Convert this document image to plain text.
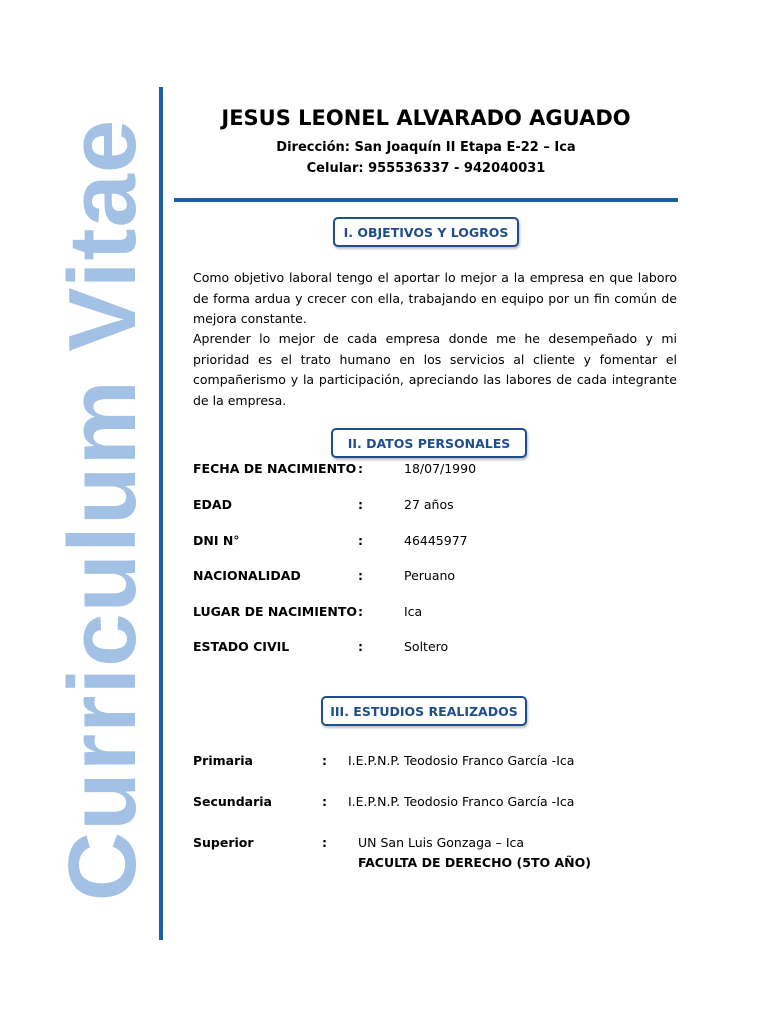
Curriculum Vitae
JESUS LEONEL ALVARADO AGUADO
Dirección: San Joaquín II Etapa E-22 – Ica
Celular: 955536337 - 942040031
I. OBJETIVOS Y LOGROS
Como objetivo laboral tengo el aportar lo mejor a la empresa en que laboro de forma ardua y crecer con ella, trabajando en equipo por un fin común de mejora constante.
Aprender lo mejor de cada empresa donde me he desempeñado y mi prioridad es el trato humano en los servicios al cliente y fomentar el compañerismo y la participación, apreciando las labores de cada integrante de la empresa.
II. DATOS PERSONALES
FECHA DE NACIMIENTO :	18/07/1990
EDAD	:	27 años
DNI N°	:	46445977
NACIONALIDAD	:	Peruano
LUGAR DE NACIMIENTO :	Ica
ESTADO CIVIL	:	Soltero
III. ESTUDIOS REALIZADOS
Primaria	: I.E.P.N.P. Teodosio Franco García -Ica
Secundaria	: I.E.P.N.P. Teodosio Franco García -Ica
Superior	: UN San Luis Gonzaga – Ica
FACULTA DE DERECHO (5TO AÑO)
